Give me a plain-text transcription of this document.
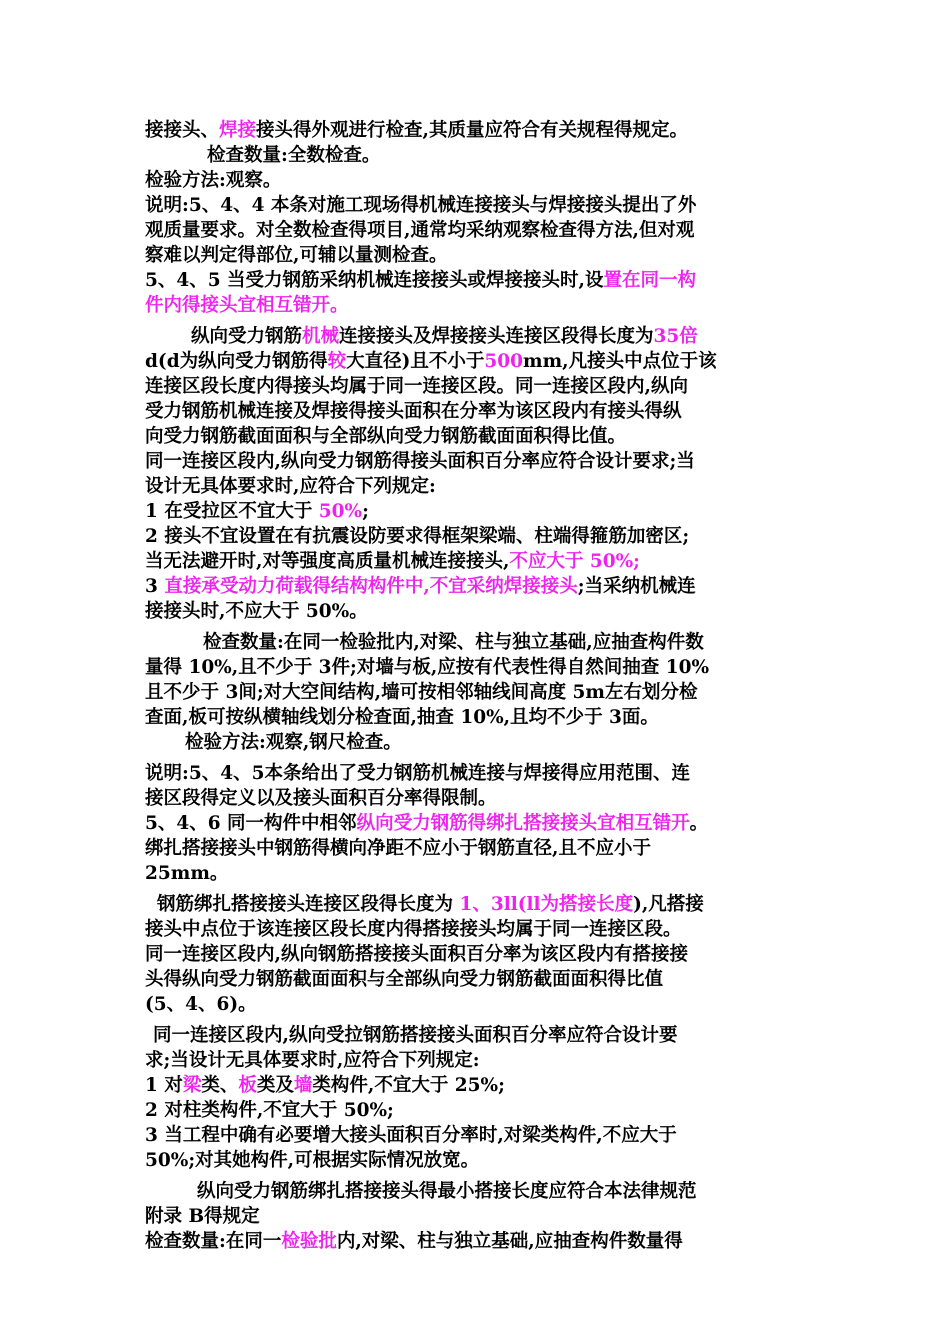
接接头、焊接接头得外观进行检查,其质量应符合有关规程得规定。
检查数量:全数检查。
检验方法:观察。
说明:5、4、4 本条对施工现场得机械连接接头与焊接接头提出了外
观质量要求。对全数检查得项目,通常均采纳观察检查得方法,但对观
察难以判定得部位,可辅以量测检查。
5、4、5 当受力钢筋采纳机械连接接头或焊接接头时,设置在同一构
件内得接头宜相互错开。
纵向受力钢筋机械连接接头及焊接接头连接区段得长度为35倍
d(d为纵向受力钢筋得较大直径)且不小于500mm,凡接头中点位于该
连接区段长度内得接头均属于同一连接区段。同一连接区段内,纵向
受力钢筋机械连接及焊接得接头面积在分率为该区段内有接头得纵
向受力钢筋截面面积与全部纵向受力钢筋截面面积得比值。
同一连接区段内,纵向受力钢筋得接头面积百分率应符合设计要求;当
设计无具体要求时,应符合下列规定:
1 在受拉区不宜大于 50%;
2 接头不宜设置在有抗震设防要求得框架梁端、柱端得箍筋加密区;
当无法避开时,对等强度高质量机械连接接头,不应大于 50%;
3 直接承受动力荷载得结构构件中,不宜采纳焊接接头;当采纳机械连
接接头时,不应大于 50%。
检查数量:在同一检验批内,对梁、柱与独立基础,应抽查构件数
量得 10%,且不少于 3件;对墙与板,应按有代表性得自然间抽查 10%
且不少于 3间;对大空间结构,墙可按相邻轴线间高度 5m左右划分检
查面,板可按纵横轴线划分检查面,抽查 10%,且均不少于 3面。
检验方法:观察,钢尺检查。
说明:5、4、5本条给出了受力钢筋机械连接与焊接得应用范围、连
接区段得定义以及接头面积百分率得限制。
5、4、6 同一构件中相邻纵向受力钢筋得绑扎搭接接头宜相互错开。
绑扎搭接接头中钢筋得横向净距不应小于钢筋直径,且不应小于
25mm。
钢筋绑扎搭接接头连接区段得长度为 1、3ll(ll为搭接长度),凡搭接
接头中点位于该连接区段长度内得搭接接头均属于同一连接区段。
同一连接区段内,纵向钢筋搭接接头面积百分率为该区段内有搭接接
头得纵向受力钢筋截面面积与全部纵向受力钢筋截面面积得比值
(5、4、6)。
同一连接区段内,纵向受拉钢筋搭接接头面积百分率应符合设计要
求;当设计无具体要求时,应符合下列规定:
1 对梁类、板类及墙类构件,不宜大于 25%;
2 对柱类构件,不宜大于 50%;
3 当工程中确有必要增大接头面积百分率时,对梁类构件,不应大于
50%;对其她构件,可根据实际情况放宽。
纵向受力钢筋绑扎搭接接头得最小搭接长度应符合本法律规范
附录 B得规定
检查数量:在同一检验批内,对梁、柱与独立基础,应抽查构件数量得
